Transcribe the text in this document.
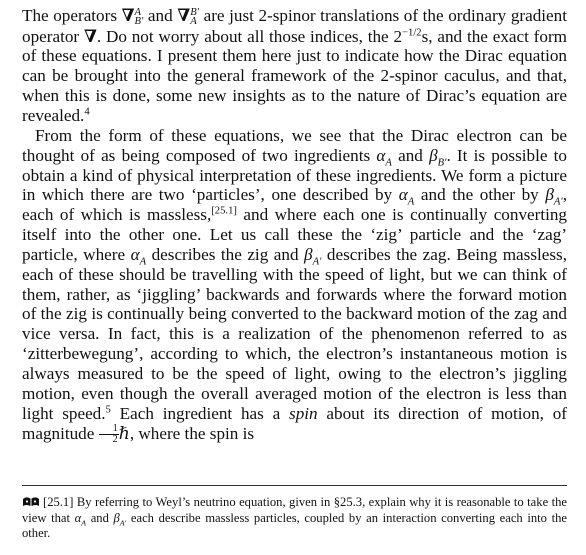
The operators ∇ A
B′ and ∇ B′
A are just 2-spinor translations of the ordinary gradient operator ∇. Do not worry about all those indices, the $2^{-1/2}s$, and the exact form of these equations. I present them here just to indicate how the Dirac equation can be brought into the general framework of the 2-spinor caculus, and that, when this is done, some new insights as to the nature of Dirac’s equation are revealed.$^4$

From the form of these equations, we see that the Dirac electron can be thought of as being composed of two ingredients $\alpha_A$ and $\beta_{B'}$. It is possible to obtain a kind of physical interpretation of these ingredients. We form a picture in which there are two ‘particles’, one described by $\alpha_A$ and the other by $\beta_{A'}$, each of which is massless,[25.1] and where each one is continually converting itself into the other one. Let us call these the ‘zig’ particle and the ‘zag’ particle, where $\alpha_A$ describes the zig and $\beta_{A'}$ describes the zag. Being massless, each of these should be travelling with the speed of light, but we can think of them, rather, as ‘jiggling’ backwards and forwards where the forward motion of the zig is continually being converted to the backward motion of the zag and vice versa. In fact, this is a realization of the phenomenon referred to as ‘zitterbewegung’, according to which, the electron’s instantaneous motion is always measured to be the speed of light, owing to the electron’s jiggling motion, even though the overall averaged motion of the electron is less than light speed.$^5$ Each ingredient has a spin about its direction of motion, of magnitude $\frac{1}{2}$ ℏ, where the spin is

[25.1] By referring to Weyl’s neutrino equation, given in §25.3, explain why it is reasonable to take the view that $\alpha_A$ and $\beta_{A'}$ each describe massless particles, coupled by an interaction converting each into the other.
